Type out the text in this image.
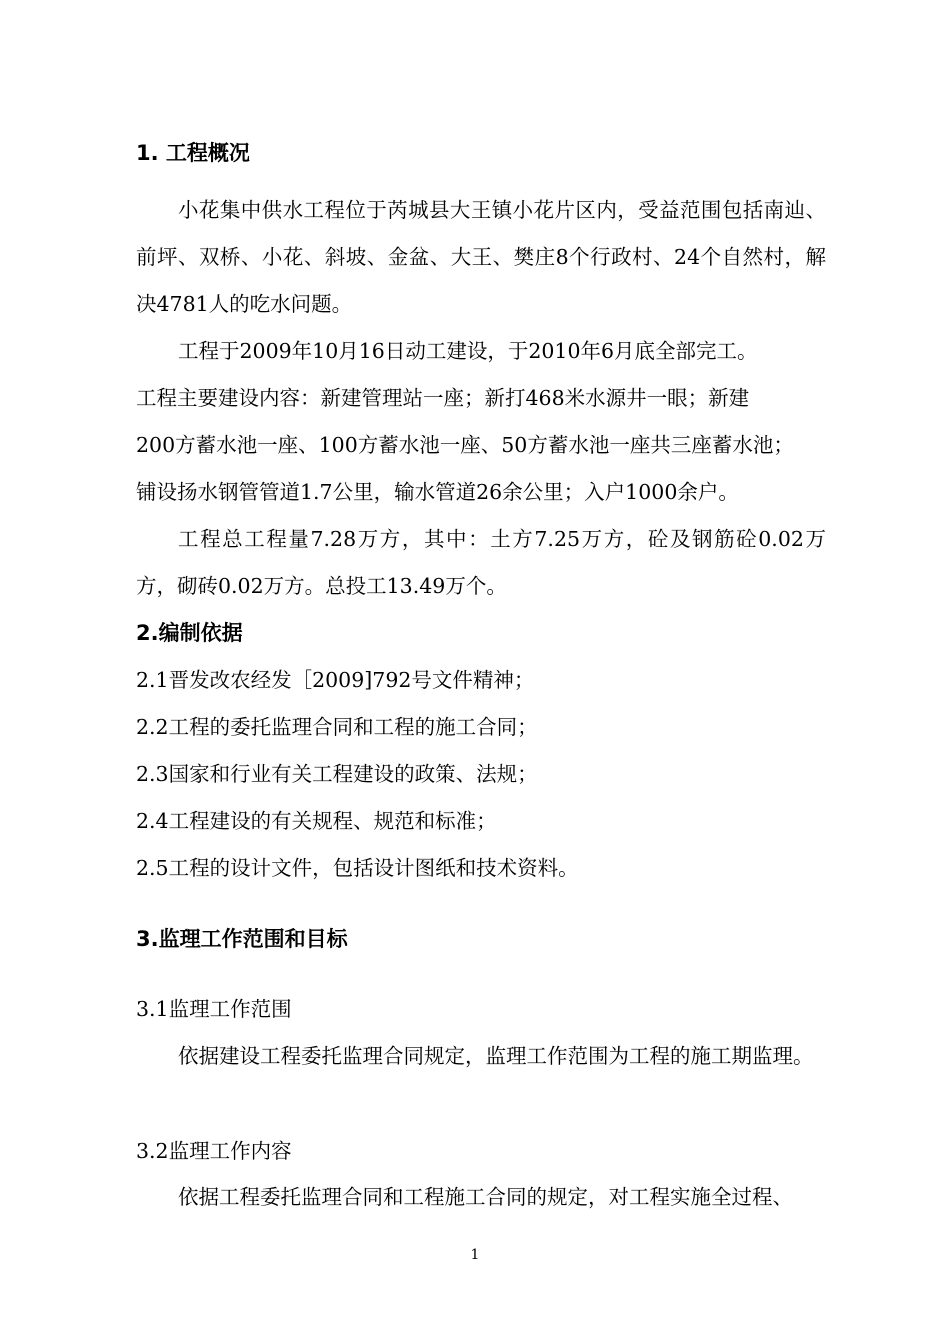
1. 工程概况

小花集中供水工程位于芮城县大王镇小花片区内，受益范围包括南辿、前坪、双桥、小花、斜坡、金盆、大王、樊庄8个行政村、24个自然村，解决4781人的吃水问题。

工程于2009年10月16日动工建设，于2010年6月底全部完工。

工程主要建设内容：新建管理站一座；新打468米水源井一眼；新建
200方蓄水池一座、100方蓄水池一座、50方蓄水池一座共三座蓄水池；
铺设扬水钢管管道1.7公里，输水管道26余公里；入户1000余户。

工程总工程量7.28万方，其中：土方7.25万方，砼及钢筋砼0.02万方，砌砖0.02万方。总投工13.49万个。

2.编制依据
2.1晋发改农经发［2009]792号文件精神；
2.2工程的委托监理合同和工程的施工合同；
2.3国家和行业有关工程建设的政策、法规；
2.4工程建设的有关规程、规范和标准；
2.5工程的设计文件，包括设计图纸和技术资料。
3.监理工作范围和目标
3.1监理工作范围

依据建设工程委托监理合同规定，监理工作范围为工程的施工期监理。

3.2监理工作内容

依据工程委托监理合同和工程施工合同的规定，对工程实施全过程、

1
